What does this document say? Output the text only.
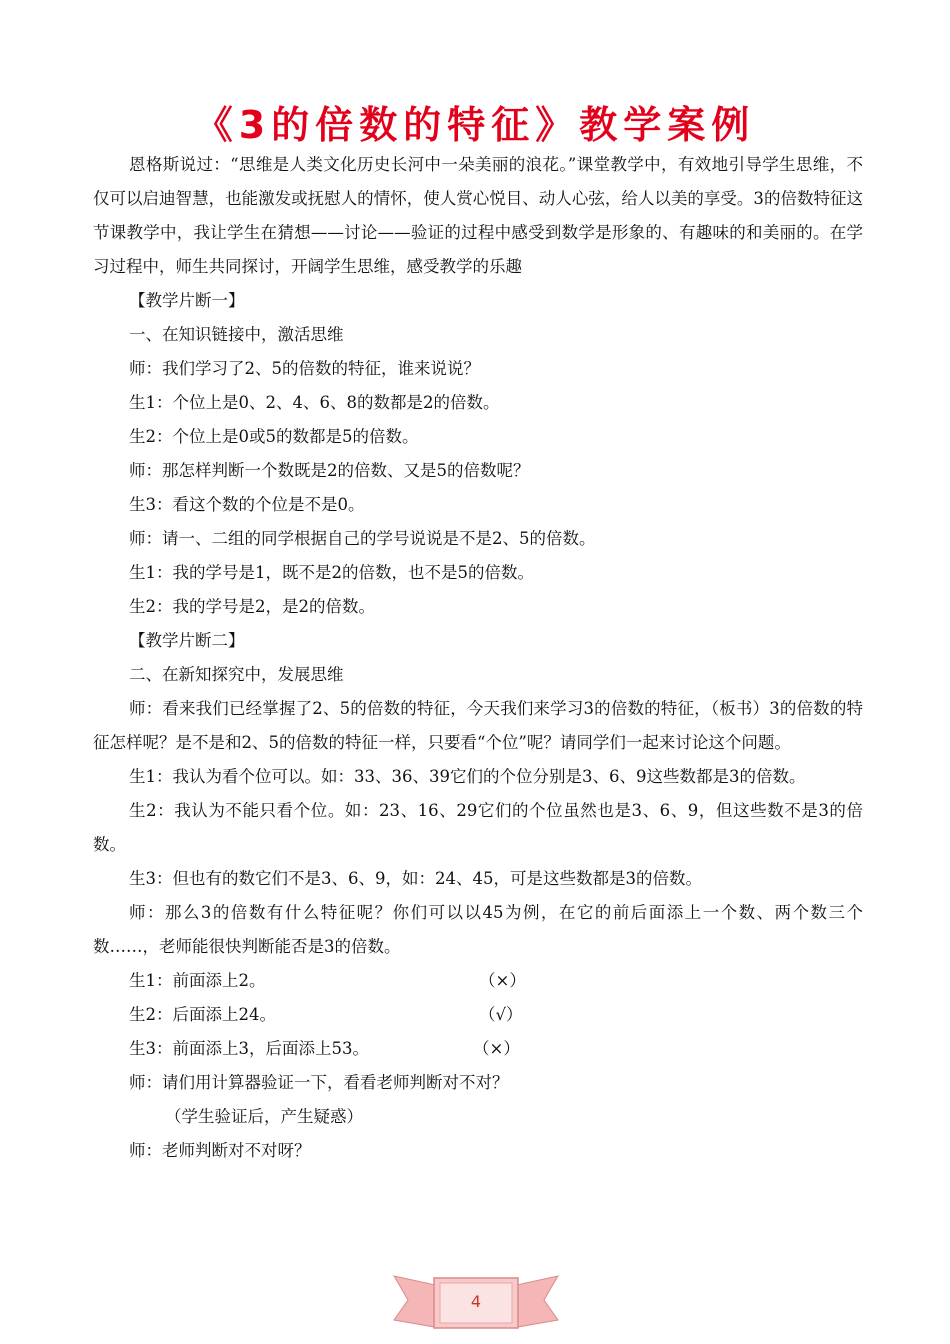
《3的倍数的特征》教学案例

恩格斯说过：“思维是人类文化历史长河中一朵美丽的浪花。”课堂教学中，有效地引导学生思维，不仅可以启迪智慧，也能激发或抚慰人的情怀，使人赏心悦目、动人心弦，给人以美的享受。3的倍数特征这节课教学中，我让学生在猜想——讨论——验证的过程中感受到数学是形象的、有趣味的和美丽的。在学习过程中，师生共同探讨，开阔学生思维，感受教学的乐趣

【教学片断一】

一、在知识链接中，激活思维

师：我们学习了2、5的倍数的特征，谁来说说？

生1：个位上是0、2、4、6、8的数都是2的倍数。

生2：个位上是0或5的数都是5的倍数。

师：那怎样判断一个数既是2的倍数、又是5的倍数呢？

生3：看这个数的个位是不是0。

师：请一、二组的同学根据自己的学号说说是不是2、5的倍数。

生1：我的学号是1，既不是2的倍数，也不是5的倍数。

生2：我的学号是2，是2的倍数。

【教学片断二】

二、在新知探究中，发展思维

师：看来我们已经掌握了2、5的倍数的特征，今天我们来学习3的倍数的特征，（板书）3的倍数的特征怎样呢？是不是和2、5的倍数的特征一样，只要看“个位”呢？请同学们一起来讨论这个问题。

生1：我认为看个位可以。如：33、36、39它们的个位分别是3、6、9这些数都是3的倍数。

生2：我认为不能只看个位。如：23、16、29它们的个位虽然也是3、6、9，但这些数不是3的倍数。

生3：但也有的数它们不是3、6、9，如：24、45，可是这些数都是3的倍数。

师：那么3的倍数有什么特征呢？你们可以以45为例，在它的前后面添上一个数、两个数三个数……，老师能很快判断能否是3的倍数。

生1：前面添上2。	（×）
生2：后面添上24。	（√）
生3：前面添上3，后面添上53。	（×）

师：请们用计算器验证一下，看看老师判断对不对？

（学生验证后，产生疑惑）

师：老师判断对不对呀？

4
